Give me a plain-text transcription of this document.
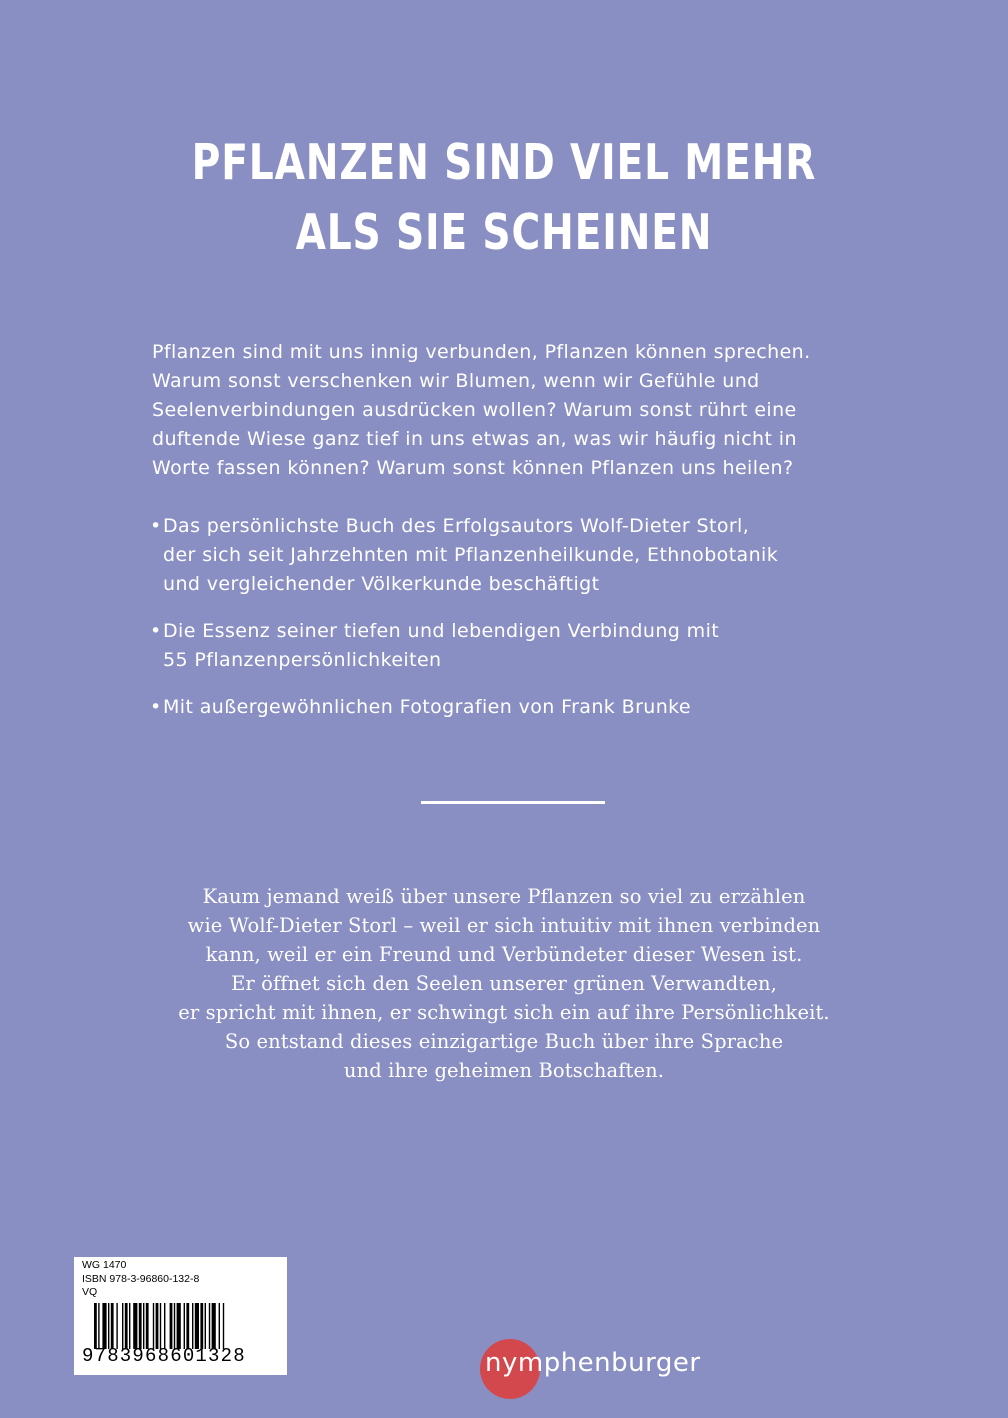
PFLANZEN SIND VIEL MEHR
ALS SIE SCHEINEN

Pflanzen sind mit uns innig verbunden, Pflanzen können sprechen.
Warum sonst verschenken wir Blumen, wenn wir Gefühle und
Seelenverbindungen ausdrücken wollen? Warum sonst rührt eine
duftende Wiese ganz tief in uns etwas an, was wir häufig nicht in
Worte fassen können? Warum sonst können Pflanzen uns heilen?

• Das persönlichste Buch des Erfolgsautors Wolf-Dieter Storl,
der sich seit Jahrzehnten mit Pflanzenheilkunde, Ethnobotanik
und vergleichender Völkerkunde beschäftigt
• Die Essenz seiner tiefen und lebendigen Verbindung mit
55 Pflanzenpersönlichkeiten
• Mit außergewöhnlichen Fotografien von Frank Brunke
Kaum jemand weiß über unsere Pflanzen so viel zu erzählen
wie Wolf-Dieter Storl – weil er sich intuitiv mit ihnen verbinden
kann, weil er ein Freund und Verbündeter dieser Wesen ist.
Er öffnet sich den Seelen unserer grünen Verwandten,
er spricht mit ihnen, er schwingt sich ein auf ihre Persönlichkeit.
So entstand dieses einzigartige Buch über ihre Sprache
und ihre geheimen Botschaften.
WG 1470
ISBN 978-3-96860-132-8
VQ
9783968601328	nymphenburger
